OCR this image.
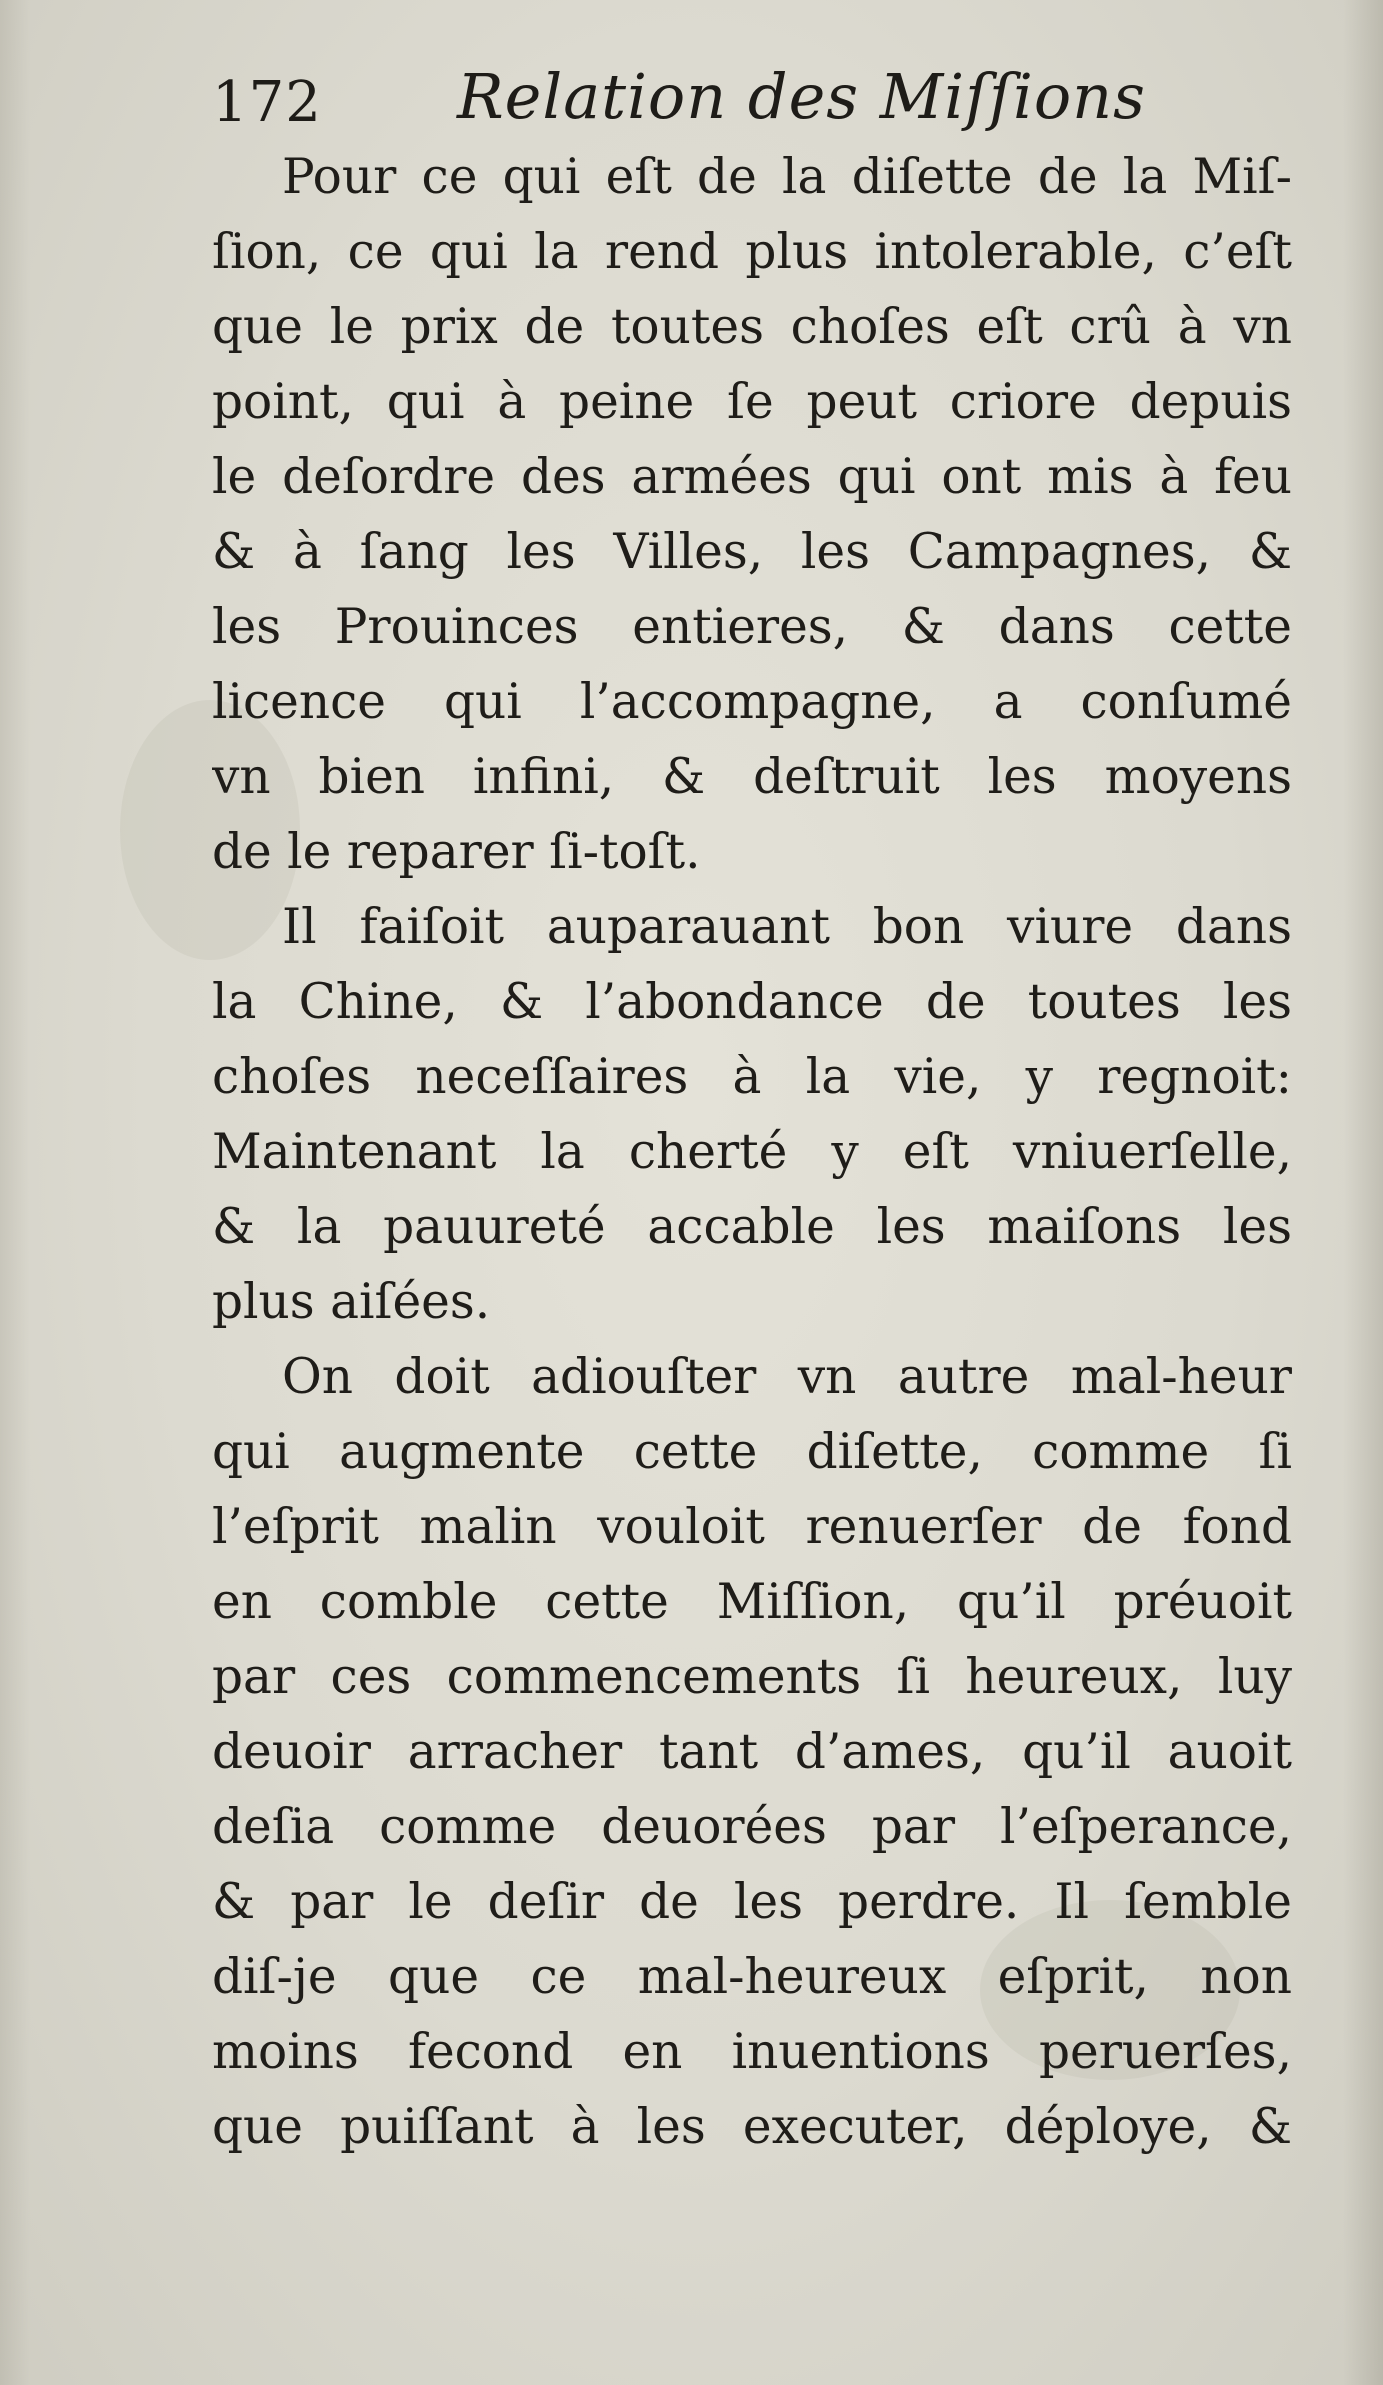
172 Relation des Miſſions
Pour ce qui eſt de la diſette de la Miſ-
ſion, ce qui la rend plus intolerable, c’eſt
que le prix de toutes choſes eſt crû à vn
point, qui à peine ſe peut criore depuis
le deſordre des armées qui ont mis à feu
& à ſang les Villes, les Campagnes, &
les Prouinces entieres, & dans cette
licence qui l’accompagne, a conſumé
vn bien infini, & deſtruit les moyens
de le reparer ſi-toſt.
Il faiſoit auparauant bon viure dans
la Chine, & l’abondance de toutes les
choſes neceſſaires à la vie, y regnoit:
Maintenant la cherté y eſt vniuerſelle,
& la pauureté accable les maiſons les
plus aiſées.
On doit adiouſter vn autre mal-heur
qui augmente cette diſette, comme ſi
l’eſprit malin vouloit renuerſer de fond
en comble cette Miſſion, qu’il préuoit
par ces commencements ſi heureux, luy
deuoir arracher tant d’ames, qu’il auoit
deſia comme deuorées par l’eſperance,
& par le deſir de les perdre. Il ſemble
diſ-je que ce mal-heureux eſprit, non
moins fecond en inuentions peruerſes,
que puiſſant à les executer, déploye, &
